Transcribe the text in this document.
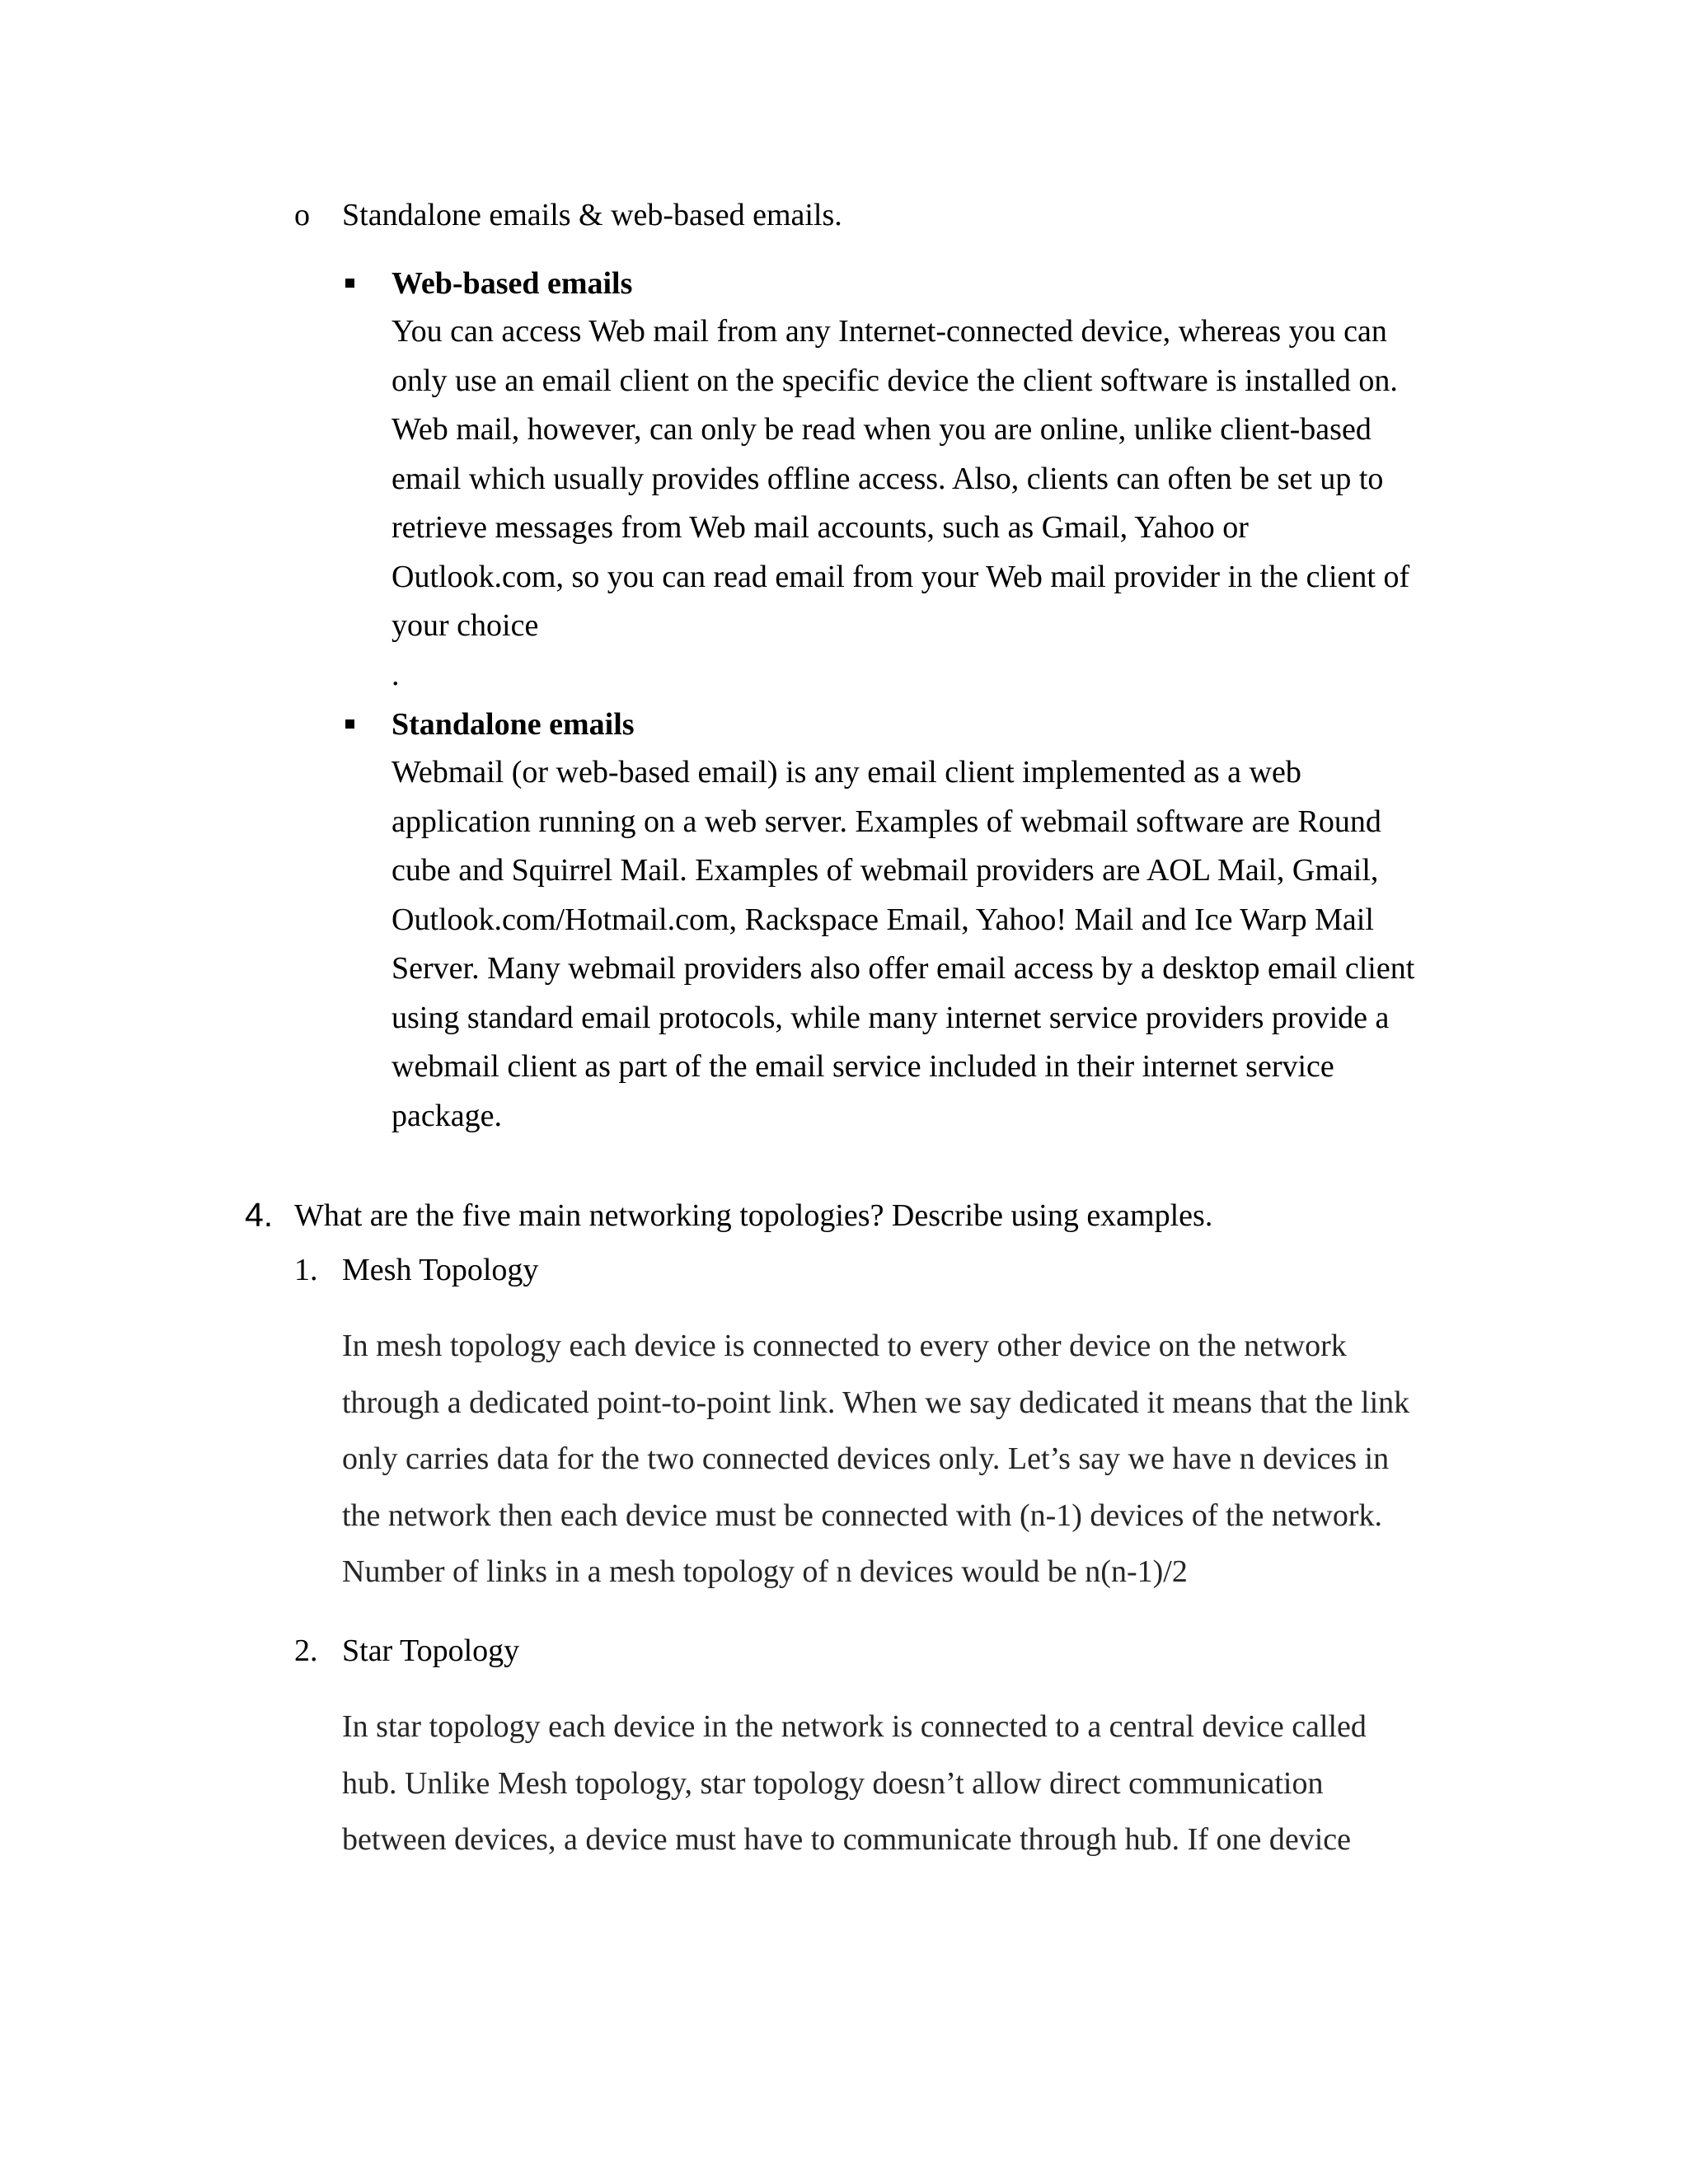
o Standalone emails & web-based emails.
Web-based emails
You can access Web mail from any Internet-connected device, whereas you can
only use an email client on the specific device the client software is installed on.
Web mail, however, can only be read when you are online, unlike client-based
email which usually provides offline access. Also, clients can often be set up to
retrieve messages from Web mail accounts, such as Gmail, Yahoo or
Outlook.com, so you can read email from your Web mail provider in the client of
your choice
.
Standalone emails
Webmail (or web-based email) is any email client implemented as a web
application running on a web server. Examples of webmail software are Round
cube and Squirrel Mail. Examples of webmail providers are AOL Mail, Gmail,
Outlook.com/Hotmail.com, Rackspace Email, Yahoo! Mail and Ice Warp Mail
Server. Many webmail providers also offer email access by a desktop email client
using standard email protocols, while many internet service providers provide a
webmail client as part of the email service included in their internet service
package.
4. What are the five main networking topologies? Describe using examples.
1. Mesh Topology
In mesh topology each device is connected to every other device on the network
through a dedicated point-to-point link. When we say dedicated it means that the link
only carries data for the two connected devices only. Let’s say we have n devices in
the network then each device must be connected with (n-1) devices of the network.
Number of links in a mesh topology of n devices would be n(n-1)/2
2. Star Topology
In star topology each device in the network is connected to a central device called
hub. Unlike Mesh topology, star topology doesn’t allow direct communication
between devices, a device must have to communicate through hub. If one device
